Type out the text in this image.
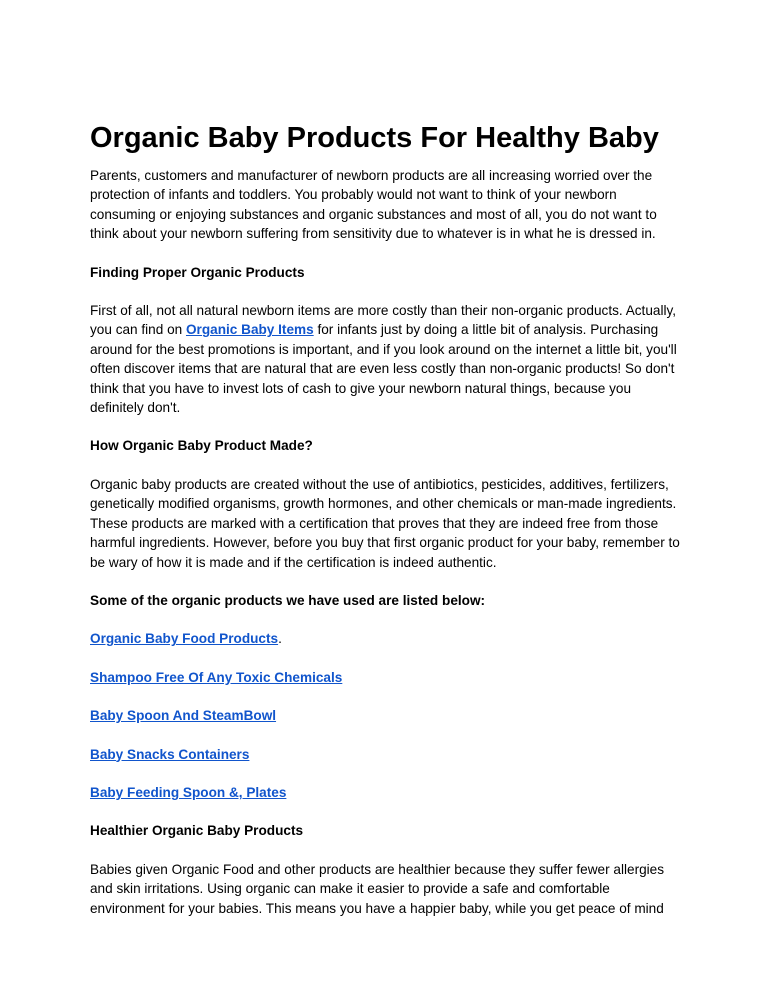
Organic Baby Products For Healthy Baby

Parents, customers and manufacturer of newborn products are all increasing worried over the protection of infants and toddlers. You probably would not want to think of your newborn consuming or enjoying substances and organic substances and most of all, you do not want to think about your newborn suffering from sensitivity due to whatever is in what he is dressed in.

Finding Proper Organic Products

First of all, not all natural newborn items are more costly than their non-organic products. Actually, you can find on Organic Baby Items for infants just by doing a little bit of analysis. Purchasing around for the best promotions is important, and if you look around on the internet a little bit, you'll often discover items that are natural that are even less costly than non-organic products! So don't think that you have to invest lots of cash to give your newborn natural things, because you definitely don't.

How Organic Baby Product Made?

Organic baby products are created without the use of antibiotics, pesticides, additives, fertilizers, genetically modified organisms, growth hormones, and other chemicals or man-made ingredients. These products are marked with a certification that proves that they are indeed free from those harmful ingredients. However, before you buy that first organic product for your baby, remember to be wary of how it is made and if the certification is indeed authentic.

Some of the organic products we have used are listed below:

Organic Baby Food Products.

Shampoo Free Of Any Toxic Chemicals

Baby Spoon And SteamBowl

Baby Snacks Containers

Baby Feeding Spoon &, Plates

Healthier Organic Baby Products

Babies given Organic Food and other products are healthier because they suffer fewer allergies and skin irritations. Using organic can make it easier to provide a safe and comfortable environment for your babies. This means you have a happier baby, while you get peace of mind
